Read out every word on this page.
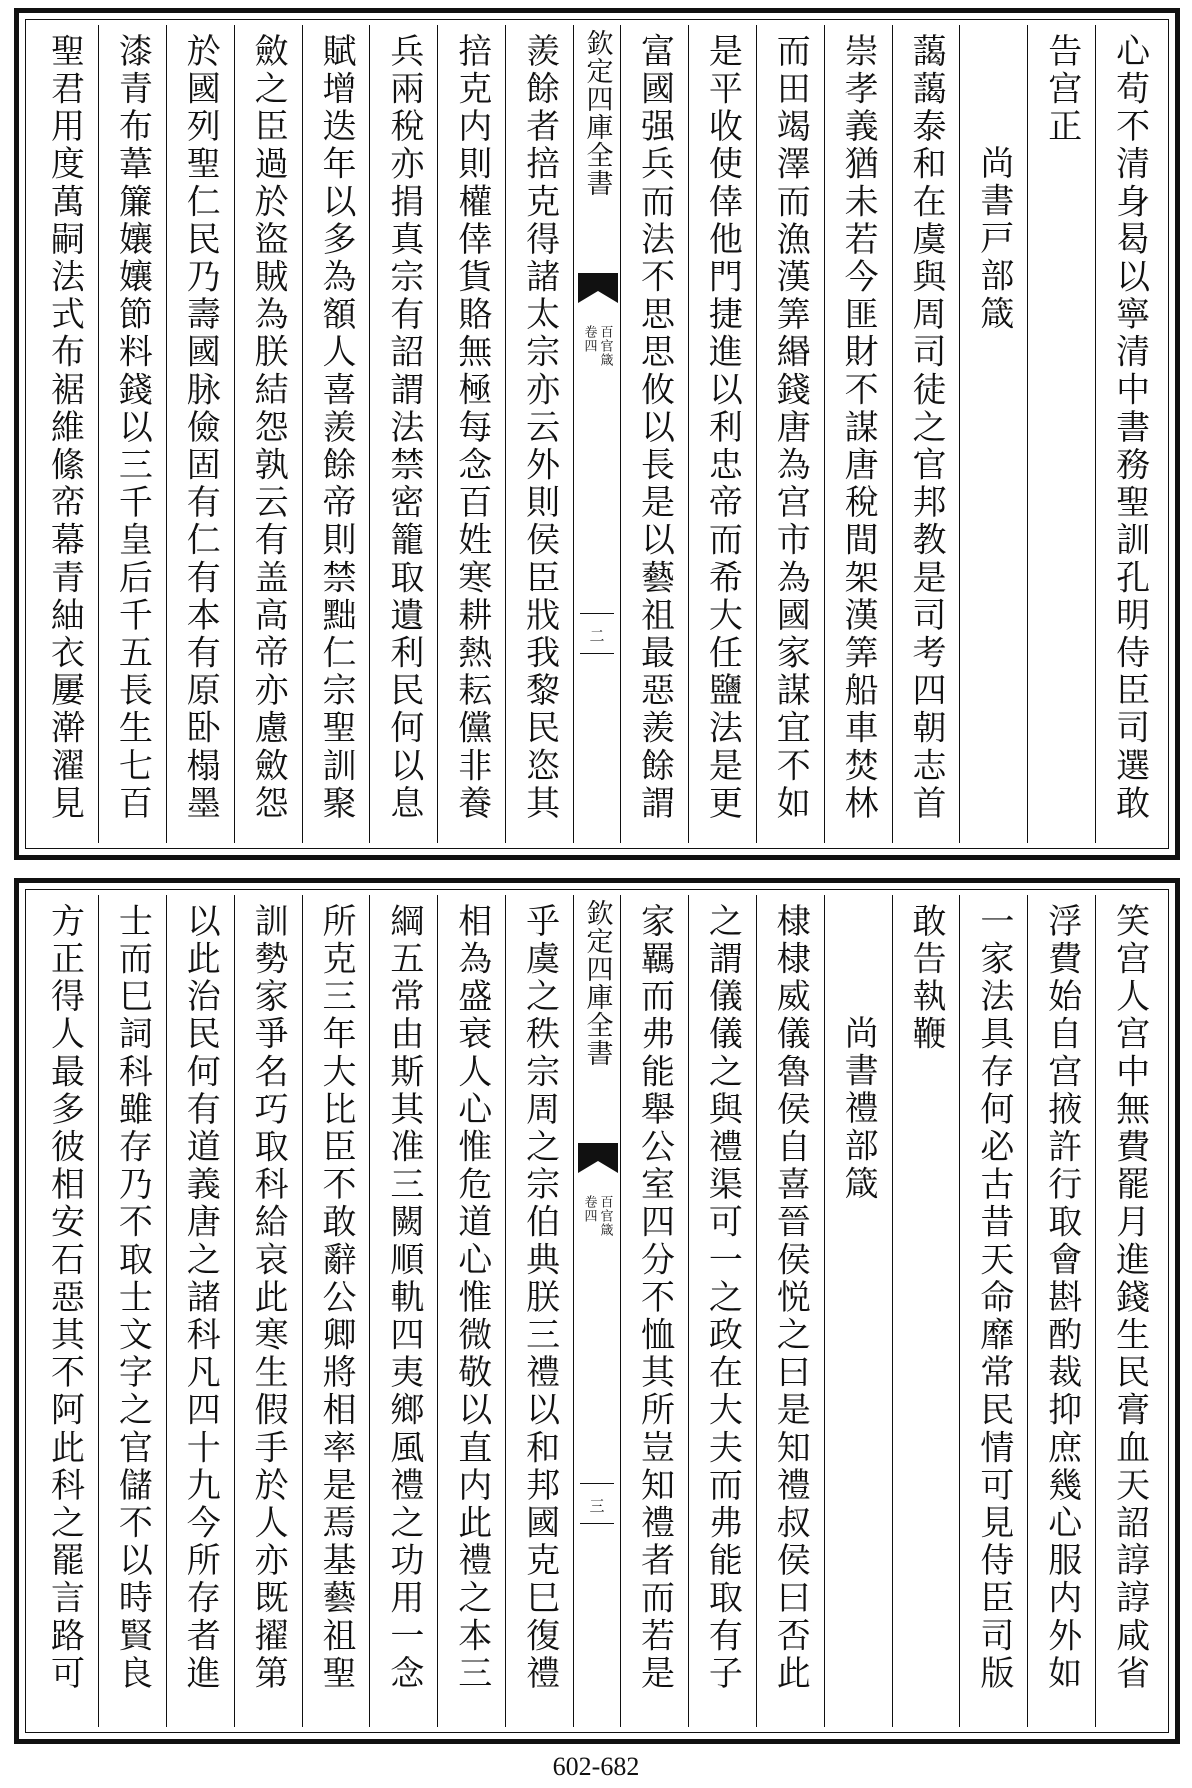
心苟不清身曷以寧清中書務聖訓孔明侍臣司選敢
告宫正
尚書戸部箴
藹藹泰和在虞與周司徒之官邦教是司考四朝志首
崇孝義猶未若今匪財不謀唐稅間架漢筭船車焚林
而田竭澤而漁漢筭緡錢唐為宫市為國家謀宜不如
是平收使倖他門捷進以利忠帝而希大任鹽法是更
富國强兵而法不思思攸以長是以藝祖最惡羨餘謂
欽定四庫全書
百官箴
卷四
二
羨餘者掊克得諸太宗亦云外則侯臣戕我黎民恣其
掊克内則權倖貨賂無極每念百姓寒耕熱耘儻非養
兵兩稅亦捐真宗有詔謂法禁密籠取遺利民何以息
賦增迭年以多為額人喜羨餘帝則禁黜仁宗聖訓聚
斂之臣過於盜賊為朕結怨孰云有盖高帝亦慮斂怨
於國列聖仁民乃壽國脉儉固有仁有本有原卧榻墨
漆青布葦簾孃孃節料錢以三千皇后千五長生七百
聖君用度萬嗣法式布裾維絛帟幕青紬衣屢澣濯見
笑宫人宫中無費罷月進錢生民膏血天詔諄諄咸省
浮費始自宫掖許行取會斟酌裁抑庶幾心服内外如
一家法具存何必古昔天命靡常民情可見侍臣司版
敢告執鞭
尚書禮部箴
棣棣威儀魯侯自喜晉侯悦之曰是知禮叔侯曰否此
之謂儀儀之與禮渠可一之政在大夫而弗能取有子
家羈而弗能舉公室四分不恤其所豈知禮者而若是
欽定四庫全書
百官箴
卷四
三
乎虞之秩宗周之宗伯典朕三禮以和邦國克巳復禮
相為盛衰人心惟危道心惟微敬以直内此禮之本三
綱五常由斯其准三闕順軌四夷鄉風禮之功用一念
所克三年大比臣不敢辭公卿將相率是焉基藝祖聖
訓勢家爭名巧取科給哀此寒生假手於人亦既擢第
以此治民何有道義唐之諸科凡四十九今所存者進
士而巳詞科雖存乃不取士文字之官儲不以時賢良
方正得人最多彼相安石惡其不阿此科之罷言路可
602-682
